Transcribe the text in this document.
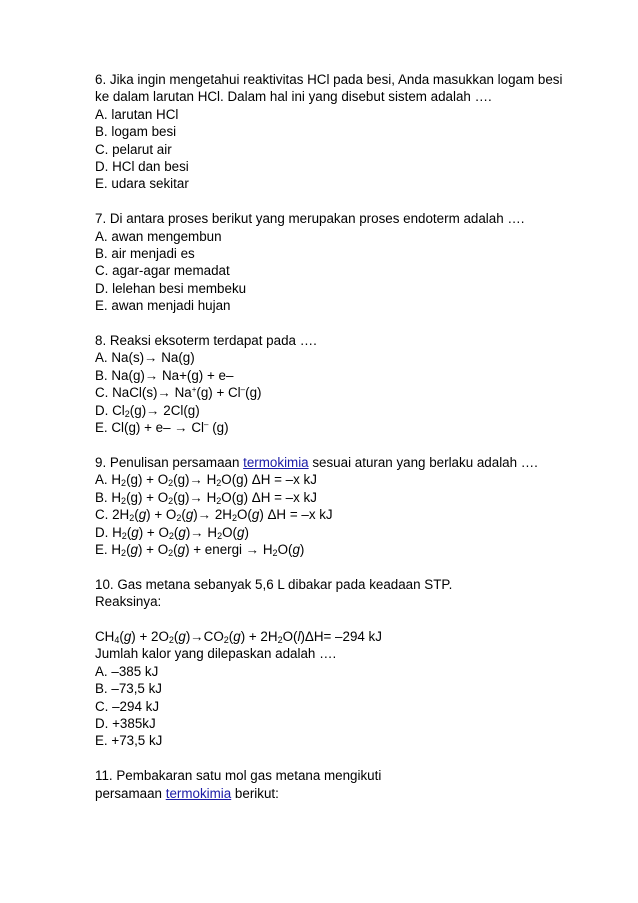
6. Jika ingin mengetahui reaktivitas HCl pada besi, Anda masukkan logam besi ke dalam larutan HCl. Dalam hal ini yang disebut sistem adalah ….
A. larutan HCl
B. logam besi
C. pelarut air
D. HCl dan besi
E. udara sekitar
7. Di antara proses berikut yang merupakan proses endoterm adalah ….
A. awan mengembun
B. air menjadi es
C. agar-agar memadat
D. lelehan besi membeku
E. awan menjadi hujan
8. Reaksi eksoterm terdapat pada ….
A. Na(s)→ Na(g)
B. Na(g)→ Na+(g) + e–
C. NaCl(s)→ Na+(g) + Cl–(g)
D. $Cl_2(g)\to 2Cl(g)$
E. Cl(g) + e– → Cl– (g)
9. Penulisan persamaan termokimia sesuai aturan yang berlaku adalah ….
A. $H_2(g) + O_2(g)\to H_2O(g) \Delta H = -x$ kJ
B. $H_2(g) + O_2(g)\to H_2O(g) \Delta H = -x$ kJ
C. $2H_2(g) + O_2(g)\to 2H_2O(g) \Delta H = -x$ kJ
D. $H_2(g) + O_2(g)\to H_2O(g)$
E. $H_2(g) + O_2(g)$ + energi → $H_2O(g)$
10. Gas metana sebanyak 5,6 L dibakar pada keadaan STP.
Reaksinya:
$CH_4(g) + 2O_2(g)\to CO_2(g) + 2H_2O(l)\Delta H= -294$ kJ
Jumlah kalor yang dilepaskan adalah ….
A. –385 kJ
B. –73,5 kJ
C. –294 kJ
D. +385kJ
E. +73,5 kJ
11. Pembakaran satu mol gas metana mengikuti
persamaan termokimia berikut:
